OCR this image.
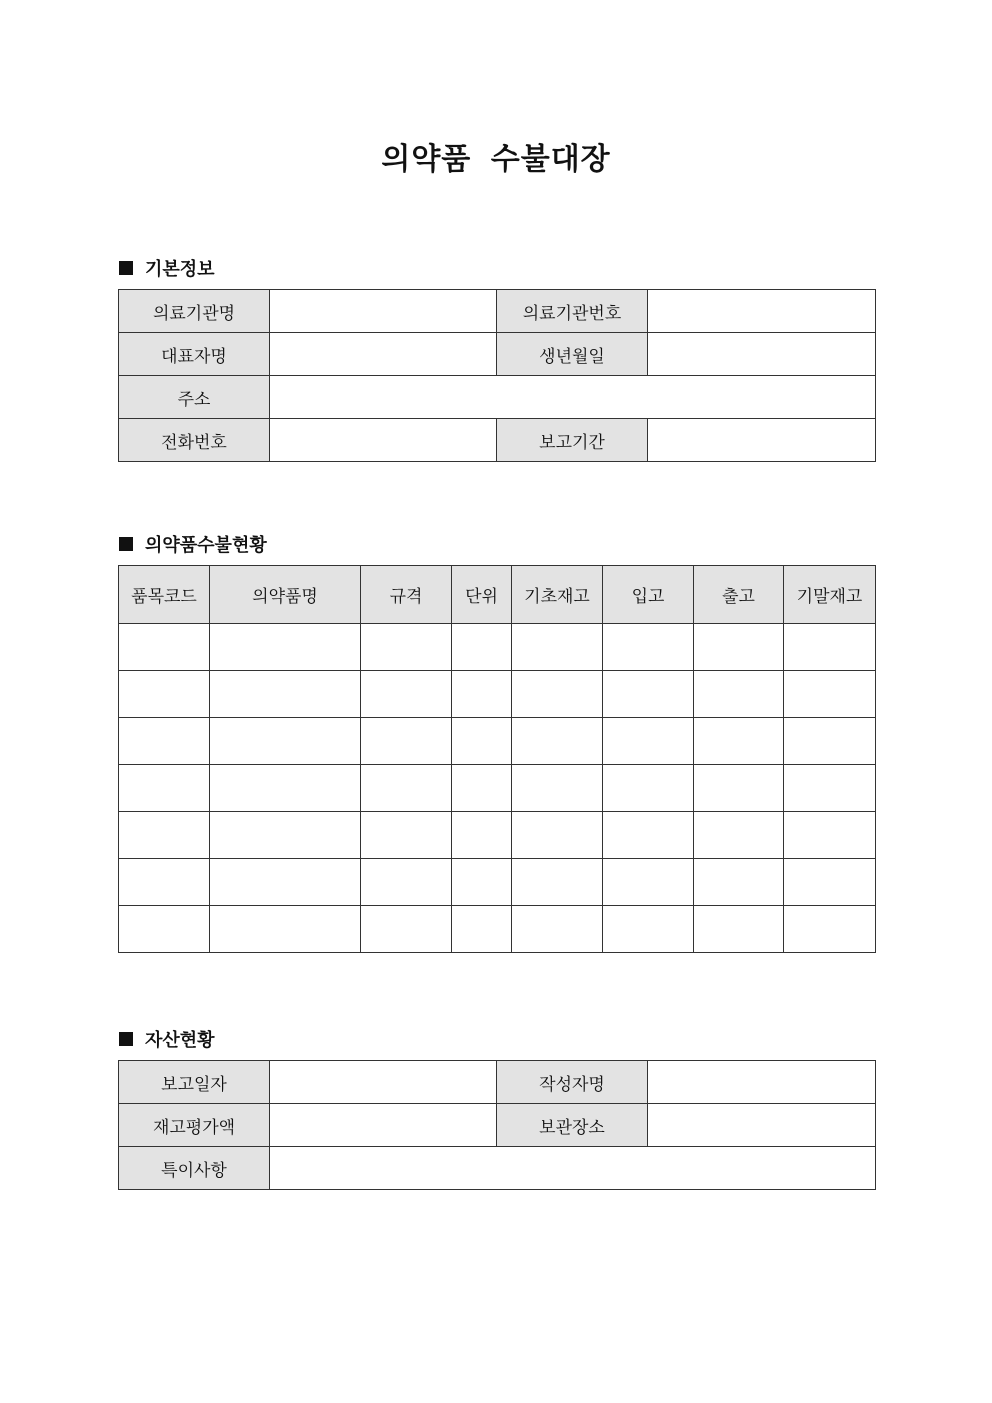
의약품 수불대장
기본정보
의료기관명		의료기관번호	
대표자명		생년월일	
주소			
전화번호		보고기간	
의약품수불현황
품목코드	의약품명	규격	단위	기초재고	입고	출고	기말재고

자산현황
보고일자		작성자명	
재고평가액		보관장소	
특이사항			
